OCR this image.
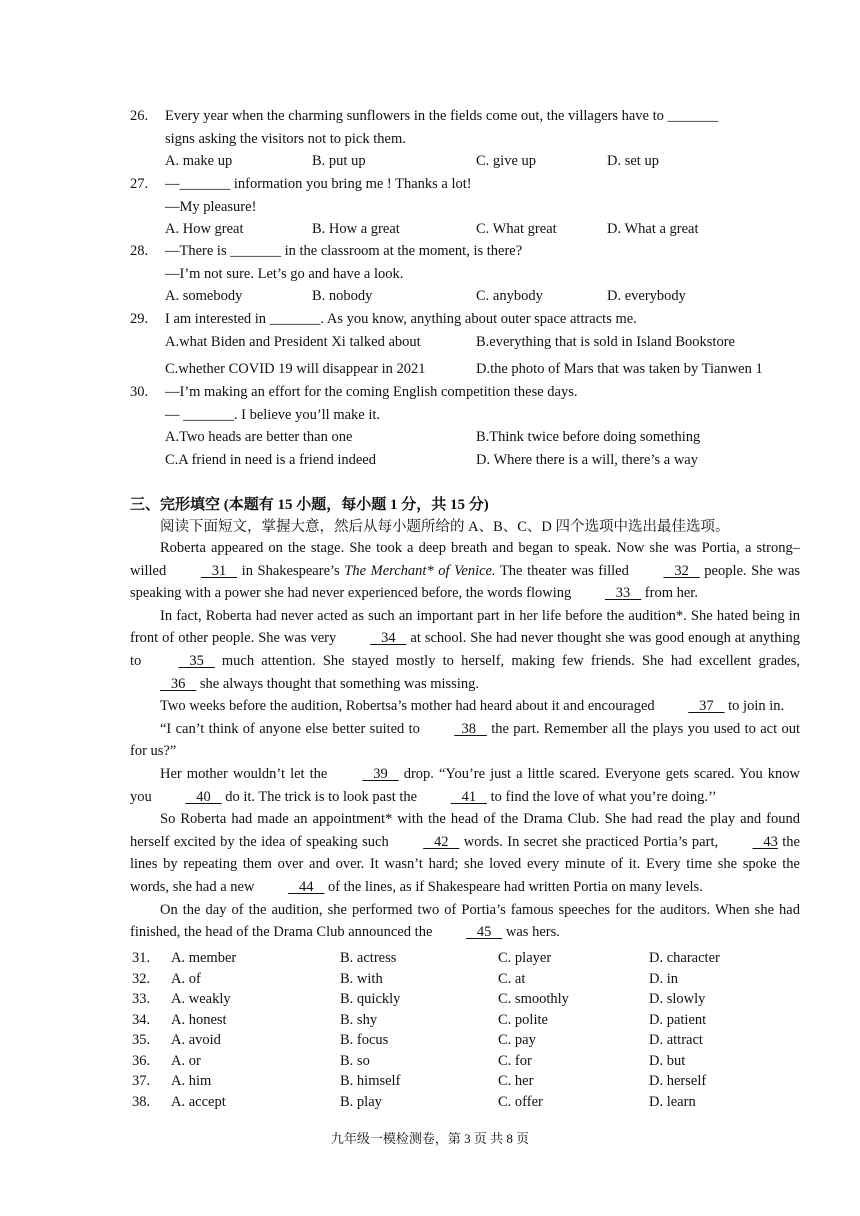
26. Every year when the charming sunflowers in the fields come out, the villagers have to _______
signs asking the visitors not to pick them.
A. make up	B. put up	C. give up	D. set up
27. —_______ information you bring me ! Thanks a lot!
—My pleasure!
A. How great	B. How a great	C. What great	D. What a great
28. —There is _______ in the classroom at the moment, is there?
—I’m not sure. Let’s go and have a look.
A. somebody	B. nobody	C. anybody	D. everybody
29. I am interested in _______. As you know, anything about outer space attracts me.
A.what Biden and President Xi talked about	B.everything that is sold in Island Bookstore
C.whether COVID 19 will disappear in 2021	D.the photo of Mars that was taken by Tianwen 1
30. —I’m making an effort for the coming English competition these days.
— _______. I believe you’ll make it.
A.Two heads are better than one	B.Think twice before doing something
C.A friend in need is a friend indeed	D. Where there is a will, there’s a way
三、完形填空 (本题有 15 小题，每小题 1 分，共 15 分)
阅读下面短文，掌握大意，然后从每小题所给的 A、B、C、D 四个选项中选出最佳选项。

Roberta appeared on the stage. She took a deep breath and began to speak. Now she was Portia, a strong–willed    31    in Shakespeare’s The Merchant* of Venice. The theater was filled    32    people. She was speaking with a power she had never experienced before, the words flowing    33    from her.

In fact, Roberta had never acted as such an important part in her life before the audition*. She hated being in front of other people. She was very    34    at school. She had never thought she was good enough at anything to    35    much attention. She stayed mostly to herself, making few friends. She had excellent grades,    36    she always thought that something was missing.

Two weeks before the audition, Robertsa’s mother had heard about it and encouraged    37    to join in.

“I can’t think of anyone else better suited to   38    the part. Remember all the plays you used to act out for us?”

Her mother wouldn’t let the    39    drop. “You’re just a little scared. Everyone gets scared. You know you    40    do it. The trick is to look past the    41    to find the love of what you’re doing.’’

So Roberta had made an appointment* with the head of the Drama Club. She had read the play and found herself excited by the idea of speaking such    42    words. In secret she practiced Portia’s part,    43 the lines by repeating them over and over. It wasn’t hard; she loved every minute of it. Every time she spoke the words, she had a new    44    of the lines, as if Shakespeare had written Portia on many levels.

On the day of the audition, she performed two of Portia’s famous speeches for the auditors. When she had finished, the head of the Drama Club announced the    45    was hers.

31. A. member	B. actress	C. player	D. character
32. A. of	B. with	C. at	D. in
33. A. weakly	B. quickly	C. smoothly	D. slowly
34. A. honest	B. shy	C. polite	D. patient
35. A. avoid	B. focus	C. pay	D. attract
36. A. or	B. so	C. for	D. but
37. A. him	B. himself	C. her	D. herself
38. A. accept	B. play	C. offer	D. learn
九年级一模检测卷，第 3 页 共 8 页
